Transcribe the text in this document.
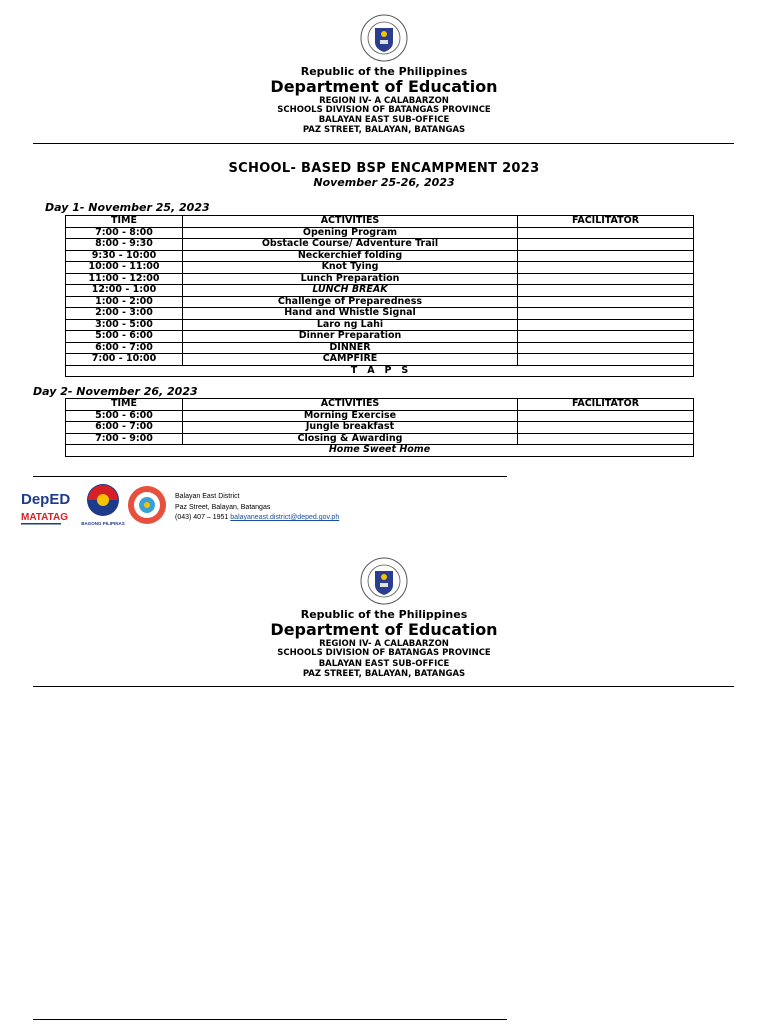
Republic of the Philippines
Department of Education
REGION IV- A CALABARZON
SCHOOLS DIVISION OF BATANGAS PROVINCE
BALAYAN EAST SUB-OFFICE
PAZ STREET, BALAYAN, BATANGAS
SCHOOL- BASED BSP ENCAMPMENT 2023
November 25-26, 2023
Day 1- November 25, 2023
TIME	ACTIVITIES	FACILITATOR
7:00 - 8:00	Opening Program	
8:00 - 9:30	Obstacle Course/ Adventure Trail	
9:30 - 10:00	Neckerchief folding	
10:00 - 11:00	Knot Tying	
11:00 - 12:00	Lunch Preparation	
12:00 - 1:00	LUNCH BREAK	
1:00 - 2:00	Challenge of Preparedness	
2:00 - 3:00	Hand and Whistle Signal	
3:00 - 5:00	Laro ng Lahi	
5:00 - 6:00	Dinner Preparation	
6:00 - 7:00	DINNER	
7:00 - 10:00	CAMPFIRE	
T   A   P   S		
Day 2- November 26, 2023
TIME	ACTIVITIES	FACILITATOR
5:00 - 6:00	Morning Exercise	
6:00 - 7:00	Jungle breakfast	
7:00 - 9:00	Closing & Awarding	
Home Sweet Home		
DepED
MATATAG
BAGONG PILIPINAS
Balayan East District
Paz Street, Balayan, Batangas
(043) 407 – 1951 balayaneast.district@deped.gov.ph
Republic of the Philippines
Department of Education
REGION IV- A CALABARZON
SCHOOLS DIVISION OF BATANGAS PROVINCE
BALAYAN EAST SUB-OFFICE
PAZ STREET, BALAYAN, BATANGAS
